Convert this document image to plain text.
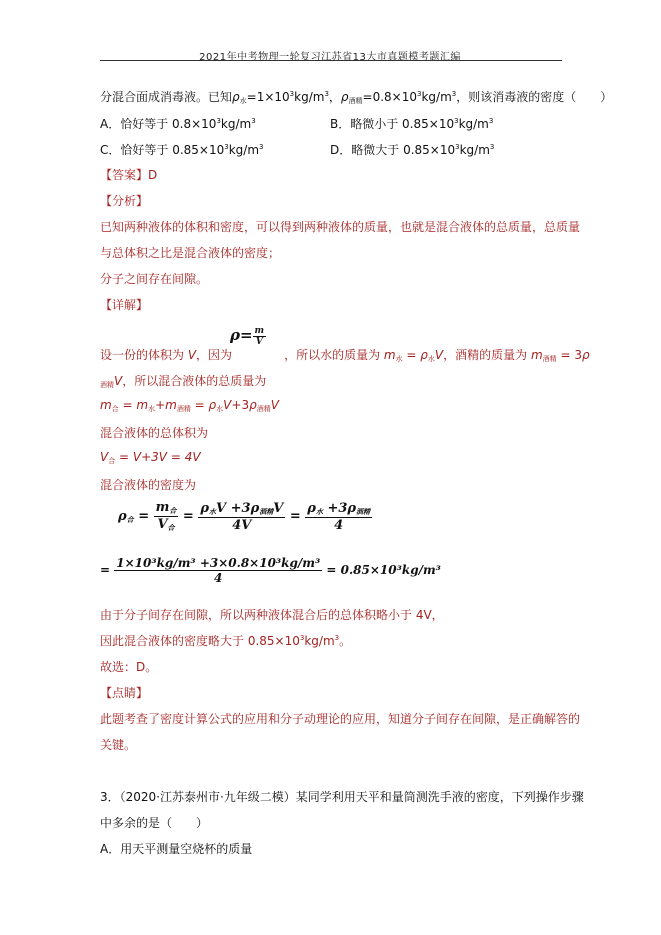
2021年中考物理一轮复习江苏省13大市真题模考题汇编
分混合面成消毒液。已知$\rho_水=1\times 10^3kg/m^3$，$\rho_{酒精}=0.8\times 10^3kg/m^3$，则该消毒液的密度（　　）
A．恰好等于 $0.8\times 10^3kg/m^3$	B．略微小于 $0.85\times 10^3kg/m^3$
C．恰好等于 $0.85\times 10^3kg/m^3$	D．略微大于 $0.85\times 10^3kg/m^3$
【答案】D
【分析】
已知两种液体的体积和密度，可以得到两种液体的质量，也就是混合液体的总质量，总质量
与总体积之比是混合液体的密度；
分子之间存在间隙。
【详解】
$\rho= \frac{m}{V}$
设一份的体积为 V，因为	，所以水的质量为 $m_水 = \rho_水V$，酒精的质量为 $m_{酒精} = 3\rho$
$_{酒精}$V，所以混合液体的总质量为
$m_合 = m_水+m_{酒精} = \rho_水V+3\rho_{酒精}V$
混合液体的总体积为
$V_合 = V+3V = 4V$
混合液体的密度为
$\rho_合 = \frac{m_合}{V_合} = \frac{\rho_水V +3\rho_{酒精}V}{4V} = \frac{\rho_水 +3\rho_{酒精}}{4}$
= $\frac{\text{1×10³kg/m³ +3×0.8×10³kg/m³}}{4} = 0.85\times 10^3kg/m^3$
由于分子间存在间隙，所以两种液体混合后的总体积略小于 4V，
因此混合液体的密度略大于 $0.85\times 10^3kg/m^3$。
故选：D。
【点睛】
此题考查了密度计算公式的应用和分子动理论的应用，知道分子间存在间隙，是正确解答的
关键。
3．（2020·江苏泰州市·九年级二模）某同学利用天平和量筒测洗手液的密度，下列操作步骤
中多余的是（　　）
A．用天平测量空烧杯的质量
